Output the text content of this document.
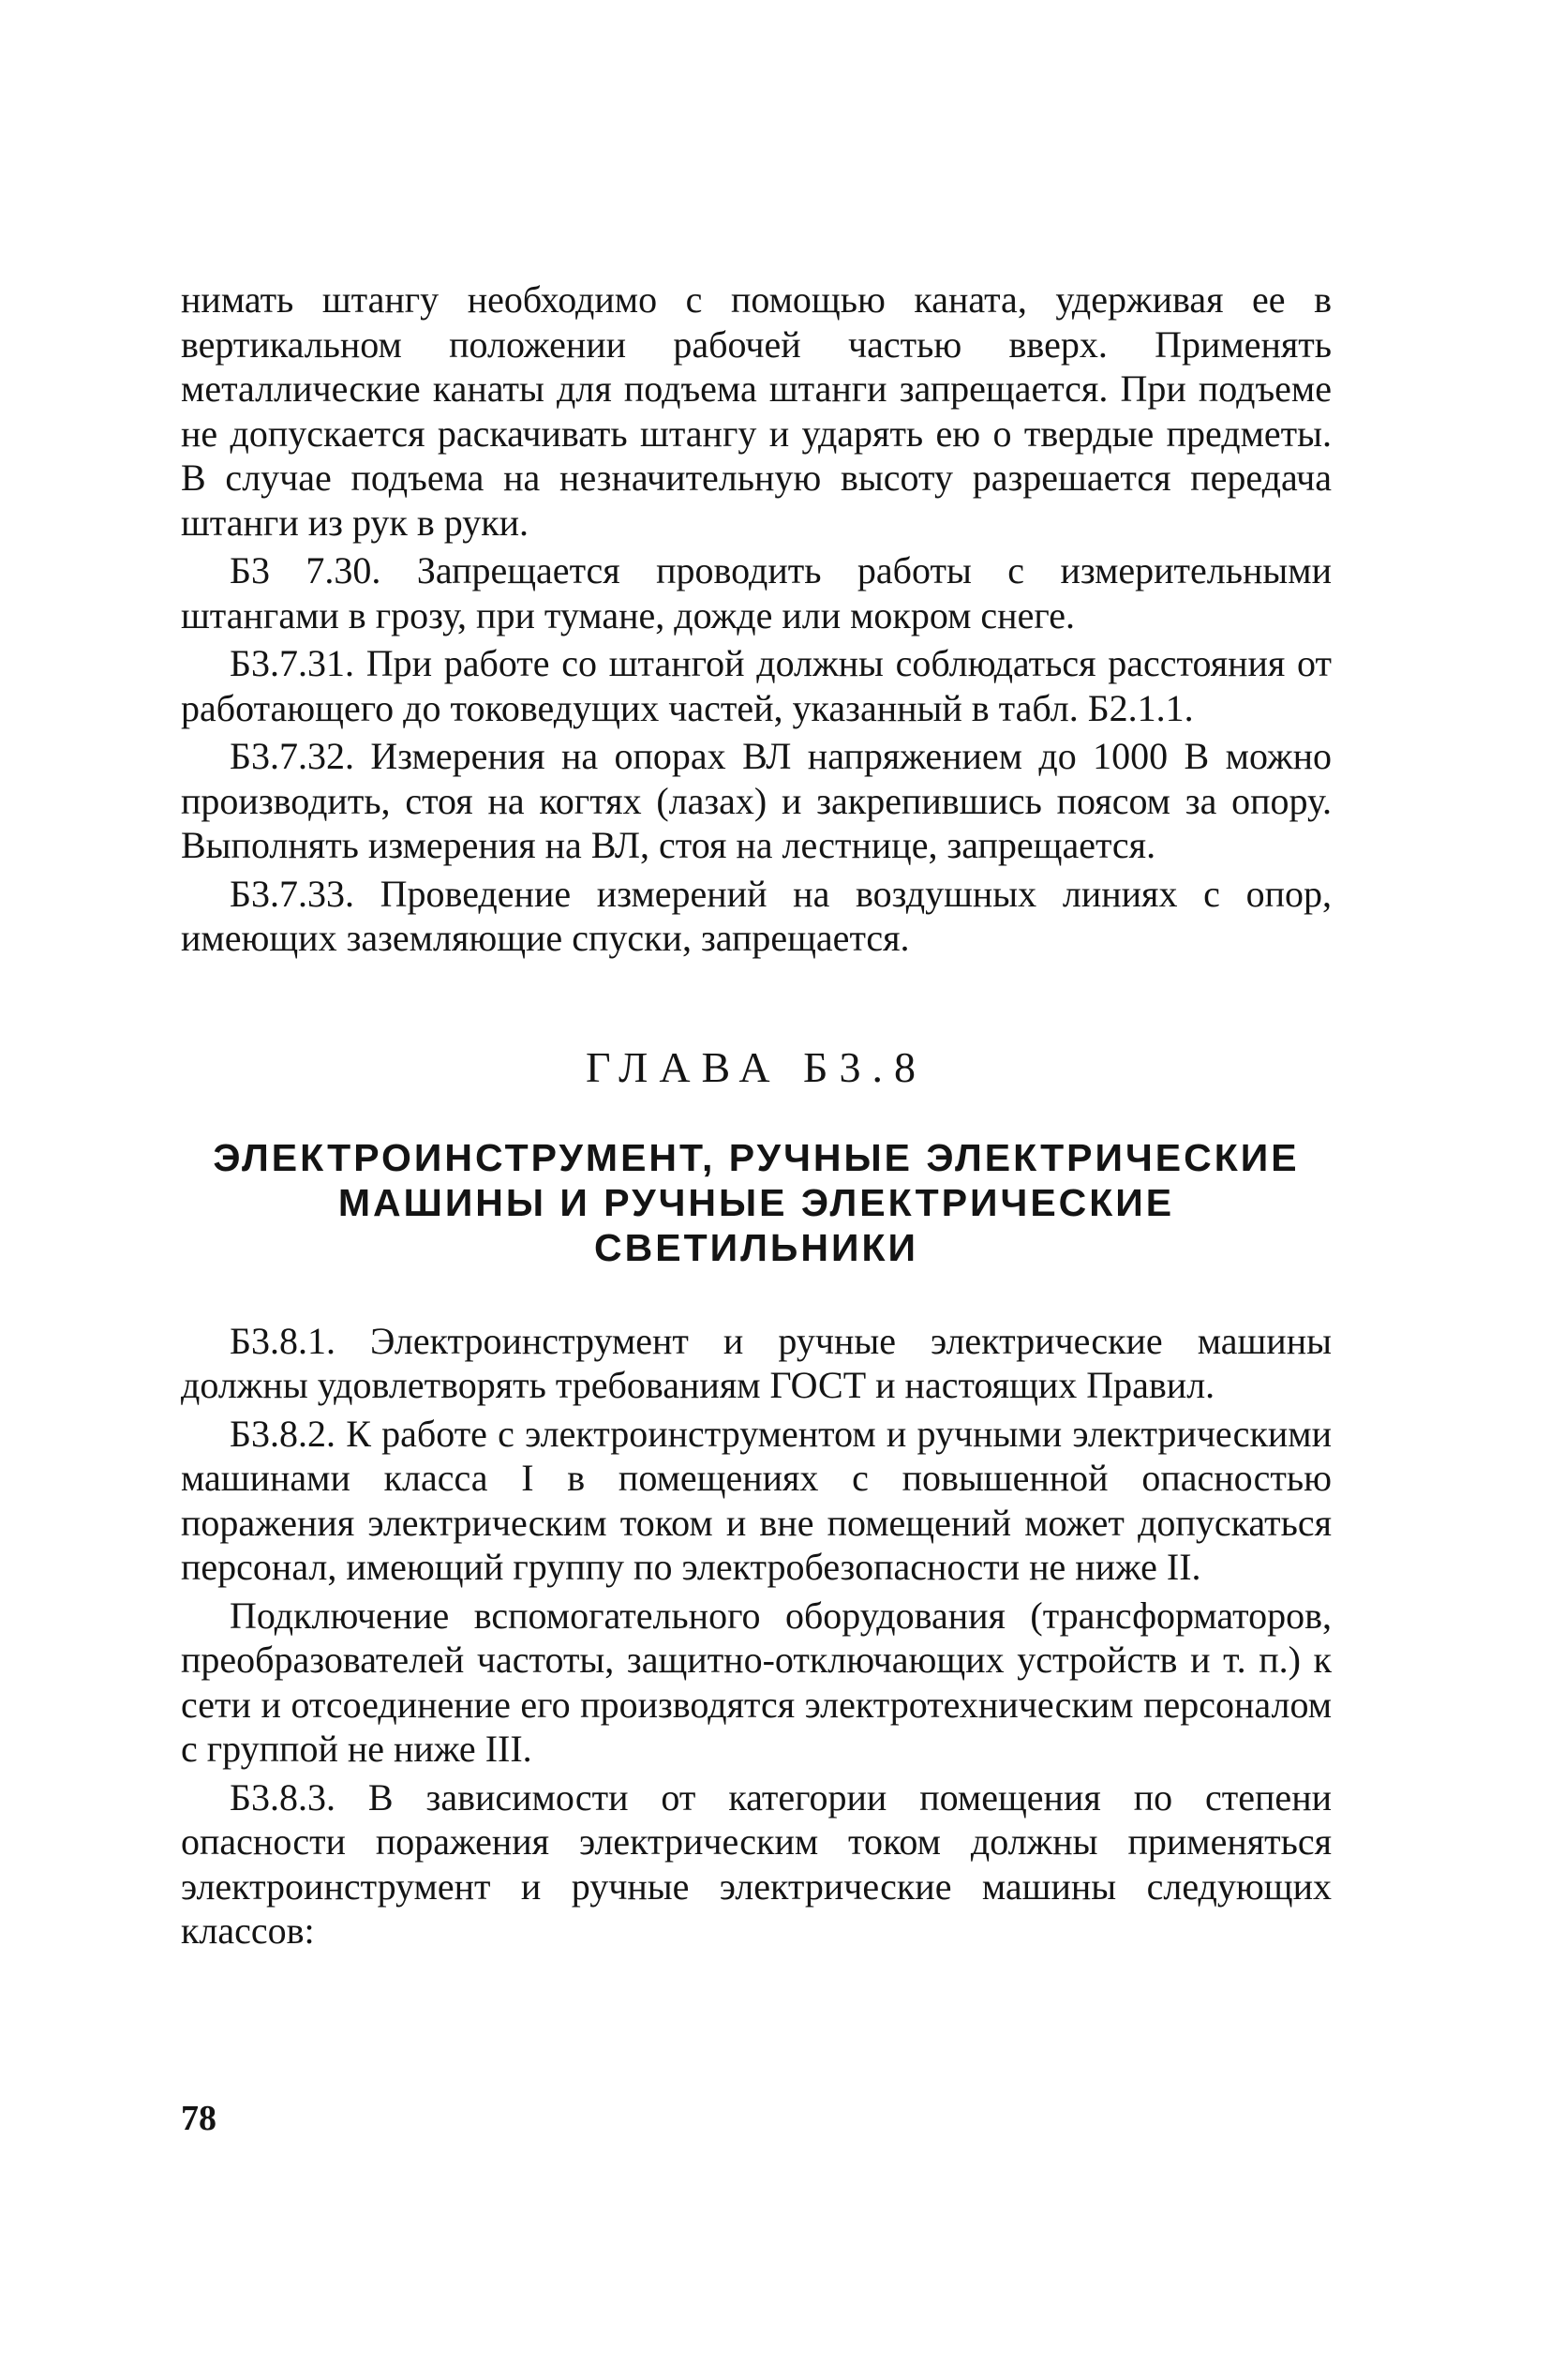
нимать штангу необходимо с помощью каната, удерживая ее в вертикальном положении рабочей частью вверх. Применять металлические канаты для подъема штанги запрещается. При подъеме не допускается раскачивать штангу и ударять ею о твердые предметы. В случае подъема на незначительную высоту разрешается передача штанги из рук в руки.

Б3 7.30. Запрещается проводить работы с измерительными штангами в грозу, при тумане, дожде или мокром снеге.

Б3.7.31. При работе со штангой должны соблюдаться расстояния от работающего до токоведущих частей, указанный в табл. Б2.1.1.

Б3.7.32. Измерения на опорах ВЛ напряжением до 1000 В можно производить, стоя на когтях (лазах) и закрепившись поясом за опору. Выполнять измерения на ВЛ, стоя на лестнице, запрещается.

Б3.7.33. Проведение измерений на воздушных линиях с опор, имеющих заземляющие спуски, запрещается.

ГЛАВА Б3.8
ЭЛЕКТРОИНСТРУМЕНТ, РУЧНЫЕ ЭЛЕКТРИЧЕСКИЕ
МАШИНЫ И РУЧНЫЕ ЭЛЕКТРИЧЕСКИЕ
СВЕТИЛЬНИКИ

Б3.8.1. Электроинструмент и ручные электрические машины должны удовлетворять требованиям ГОСТ и настоящих Правил.

Б3.8.2. К работе с электроинструментом и ручными электрическими машинами класса I в помещениях с повышенной опасностью поражения электрическим током и вне помещений может допускаться персонал, имеющий группу по электробезопасности не ниже II.

Подключение вспомогательного оборудования (трансформаторов, преобразователей частоты, защитно-отключающих устройств и т. п.) к сети и отсоединение его производятся электротехническим персоналом с группой не ниже III.

Б3.8.3. В зависимости от категории помещения по степени опасности поражения электрическим током должны применяться электроинструмент и ручные электрические машины следующих классов:

78
